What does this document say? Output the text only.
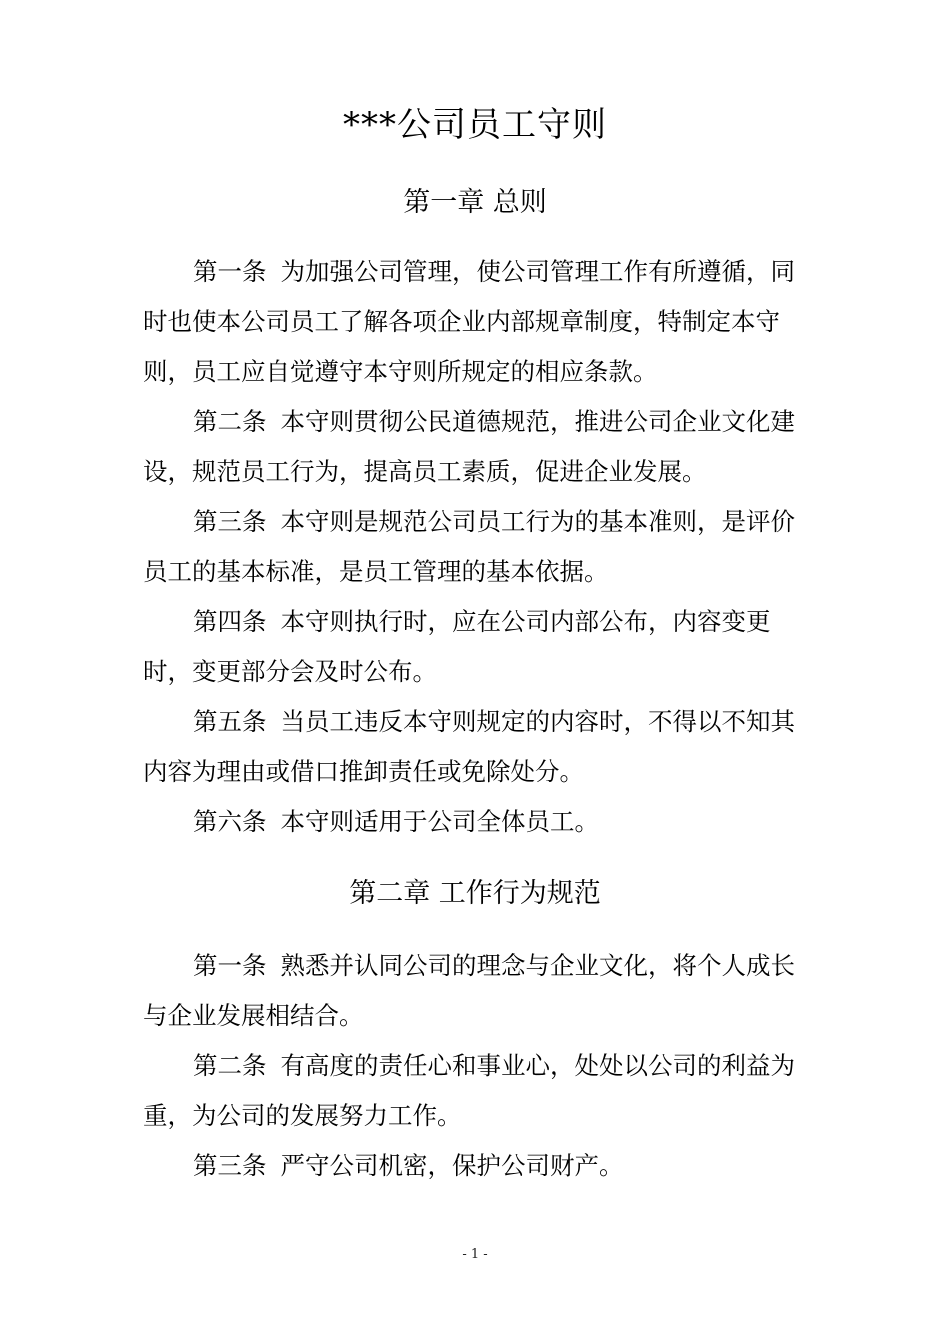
***公司员工守则
第一章 总则

第一条 为加强公司管理，使公司管理工作有所遵循，同时也使本公司员工了解各项企业内部规章制度，特制定本守则，员工应自觉遵守本守则所规定的相应条款。

第二条 本守则贯彻公民道德规范，推进公司企业文化建设，规范员工行为，提高员工素质，促进企业发展。

第三条 本守则是规范公司员工行为的基本准则，是评价员工的基本标准，是员工管理的基本依据。

第四条 本守则执行时，应在公司内部公布，内容变更时，变更部分会及时公布。

第五条 当员工违反本守则规定的内容时，不得以不知其内容为理由或借口推卸责任或免除处分。

第六条 本守则适用于公司全体员工。

第二章 工作行为规范

第一条 熟悉并认同公司的理念与企业文化，将个人成长与企业发展相结合。

第二条 有高度的责任心和事业心，处处以公司的利益为重，为公司的发展努力工作。

第三条 严守公司机密，保护公司财产。

- 1 -
